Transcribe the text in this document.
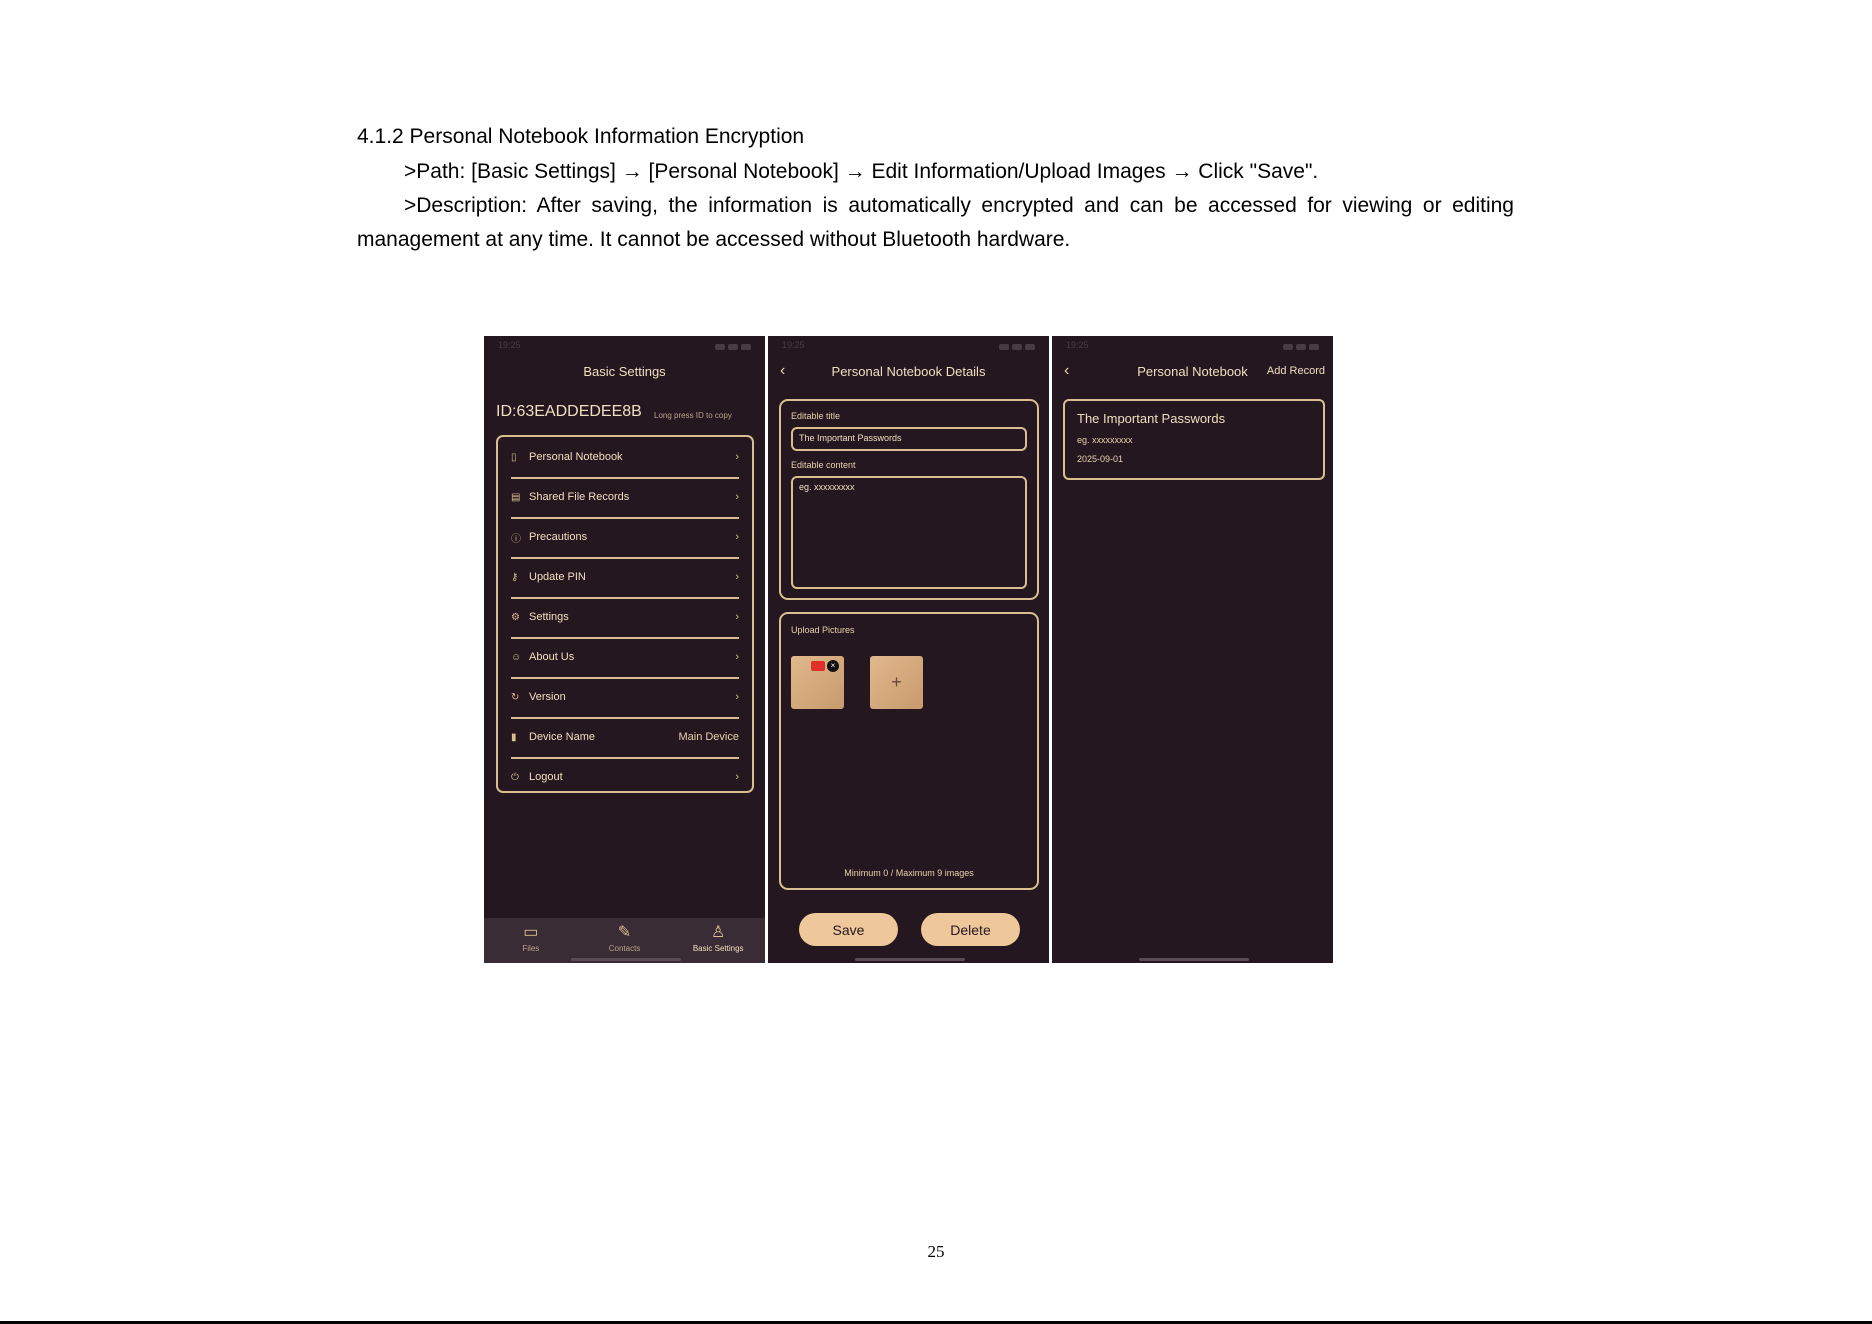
4.1.2 Personal Notebook Information Encryption
>Path: [Basic Settings] → [Personal Notebook] → Edit Information/Upload Images → Click "Save".
>Description: After saving, the information is automatically encrypted and can be accessed for viewing or editing management at any time. It cannot be accessed without Bluetooth hardware.
19:25
Basic Settings
ID:63EADDEDEE8B Long press ID to copy
▯	Personal Notebook	›
▤ Shared File Records	›
ⓘ Precautions	›
⚷ Update PIN	›
⚙ Settings	›
☺ About Us	›
↻ Version	›
▮	Device Name	Main Device
⏻ Logout	›
▭
Files
✎
Contacts
♙
Basic Settings
19:25
‹	Personal Notebook Details
Editable title
The Important Passwords
Editable content
eg. xxxxxxxxx
Upload Pictures
×
+
Minimum 0 / Maximum 9 images
Save	Delete
19:25
‹	Personal Notebook	Add Record
The Important Passwords
eg. xxxxxxxxx
2025-09-01
25
